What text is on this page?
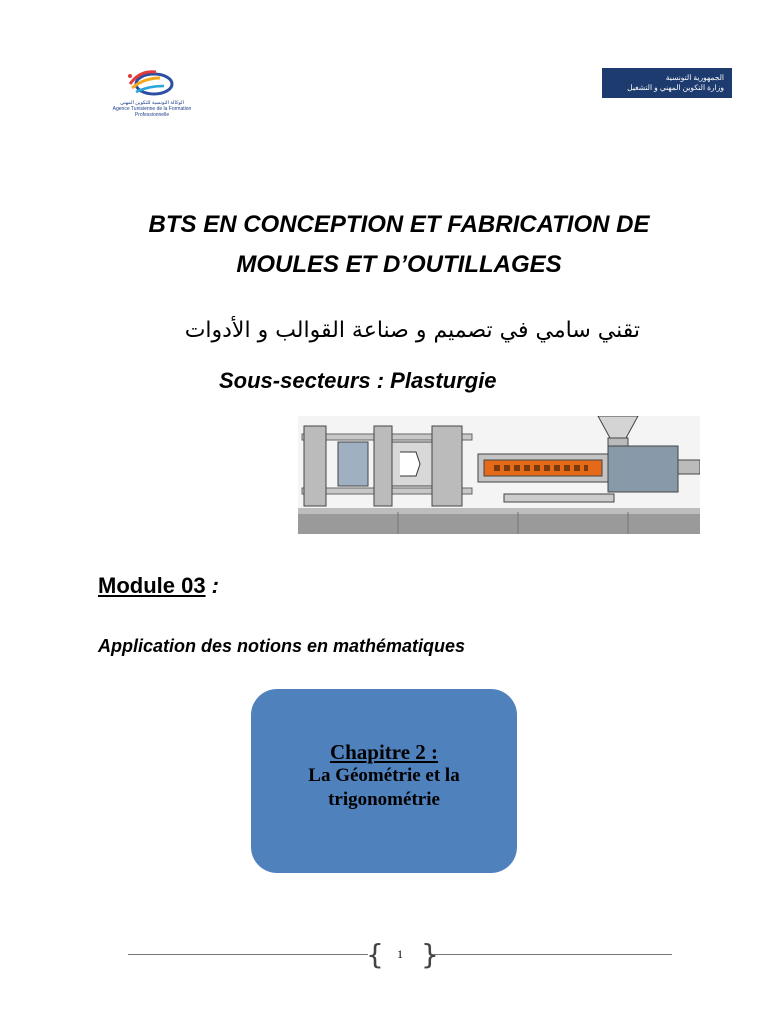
الوكالة التونسية للتكوين المهني
Agence Tunisienne de la Formation Professionnelle
الجمهورية التونسية
وزارة التكوين المهني و التشغيل
BTS EN CONCEPTION ET FABRICATION DE
MOULES ET D’OUTILLAGES
تقني سامي في تصميم و صناعة القوالب و الأدوات
Sous-secteurs : Plasturgie
Module 03 :
Application des notions en mathématiques
Chapitre 2 :
La Géométrie et la
trigonométrie
{ }
1
